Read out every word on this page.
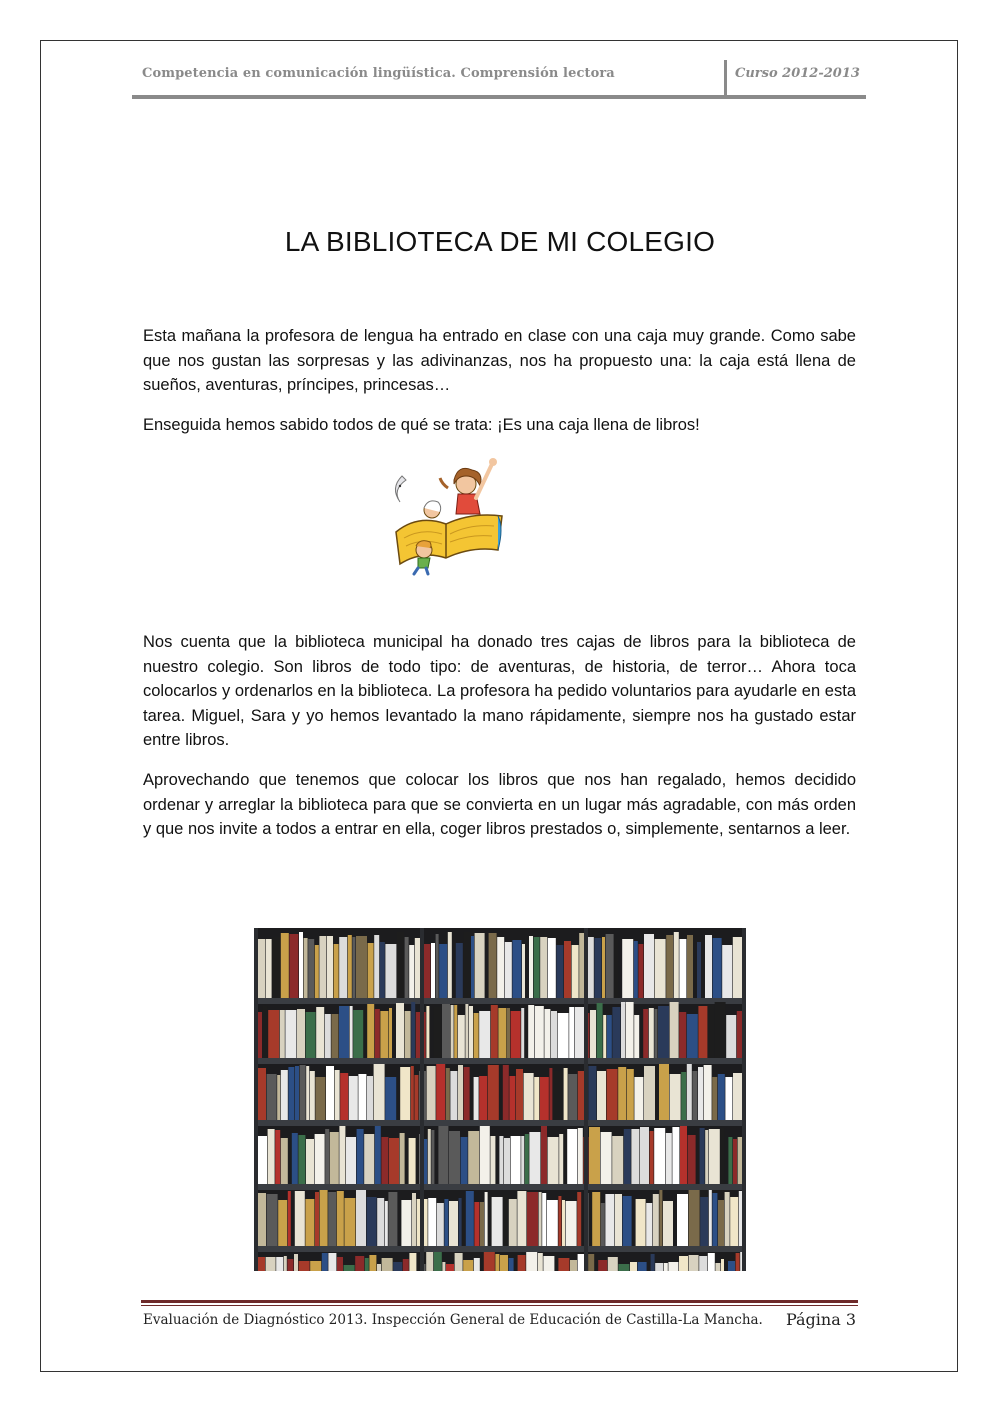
Competencia en comunicación lingüística. Comprensión lectora	Curso 2012-2013
LA BIBLIOTECA DE MI COLEGIO

Esta mañana la profesora de lengua ha entrado en clase con una caja muy grande. Como sabe que nos gustan las sorpresas y las adivinanzas, nos ha propuesto una: la caja está llena de sueños, aventuras, príncipes, princesas…

Enseguida hemos sabido todos de qué se trata: ¡Es una caja llena de libros!

Nos cuenta que la biblioteca municipal ha donado tres cajas de libros para la biblioteca de nuestro colegio. Son libros de todo tipo: de aventuras, de historia, de terror… Ahora toca colocarlos y ordenarlos en la biblioteca. La profesora ha pedido voluntarios para ayudarle en esta tarea. Miguel, Sara y yo hemos levantado la mano rápidamente, siempre nos ha gustado estar entre libros.

Aprovechando que tenemos que colocar los libros que nos han regalado, hemos decidido ordenar y arreglar la biblioteca para que se convierta en un lugar más agradable, con más orden y que nos invite a todos a entrar en ella, coger libros prestados o, simplemente, sentarnos a leer.

Evaluación de Diagnóstico 2013. Inspección General de Educación de Castilla-La Mancha. Página 3
